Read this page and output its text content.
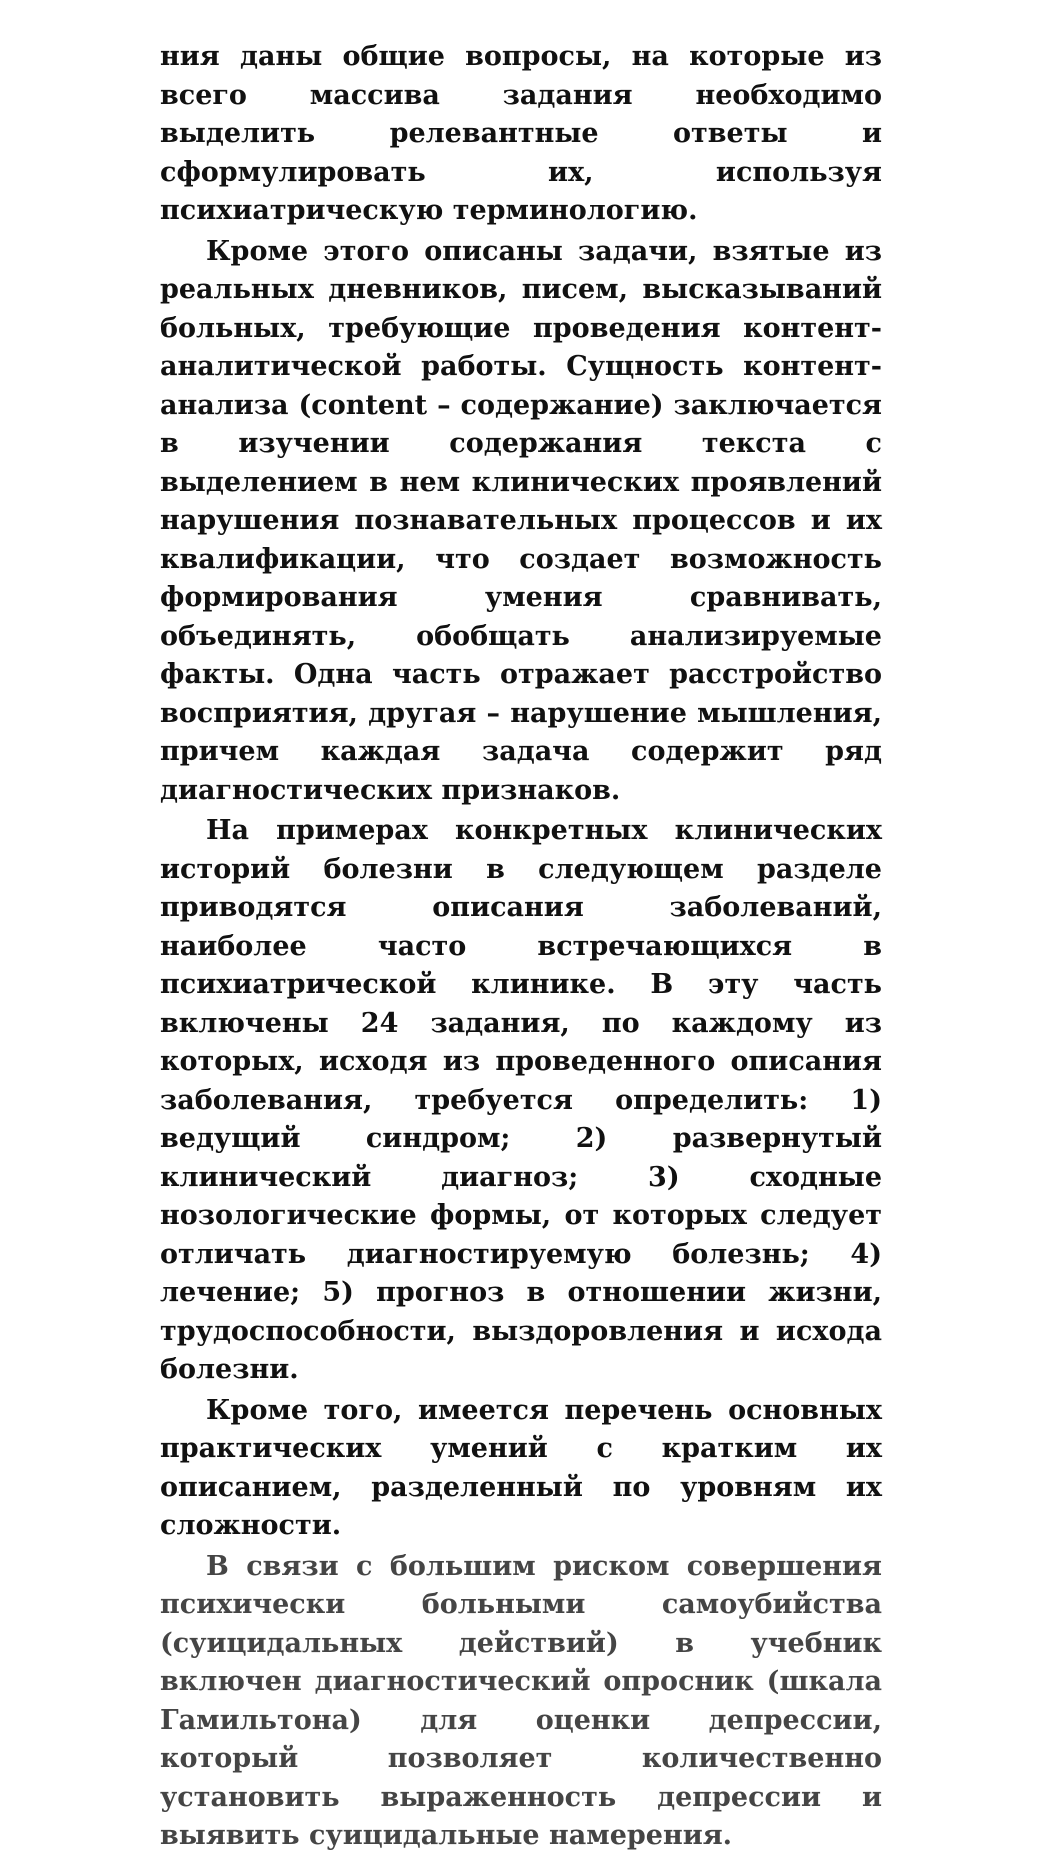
ния даны общие вопросы, на которые из всего массива задания необходимо выделить релевантные ответы и сформулировать их, используя психиатрическую терминологию.

Кроме этого описаны задачи, взятые из реальных дневников, писем, высказываний больных, требующие проведения контент-аналитической работы. Сущность контент-анализа (content – содержание) заключается в изучении содержания текста с выделением в нем клинических проявлений нарушения познавательных процессов и их квалификации, что создает возможность формирования умения сравнивать, объединять, обобщать анализируемые факты. Одна часть отражает расстройство восприятия, другая – нарушение мышления, причем каждая задача содержит ряд диагностических признаков.

На примерах конкретных клинических историй болезни в следующем разделе приводятся описания заболеваний, наиболее часто встречающихся в психиатрической клинике. В эту часть включены 24 задания, по каждому из которых, исходя из проведенного описания заболевания, требуется определить: 1) ведущий синдром; 2) развернутый клинический диагноз; 3) сходные нозологические формы, от которых следует отличать диагностируемую болезнь; 4) лечение; 5) прогноз в отношении жизни, трудоспособности, выздоровления и исхода болезни.

Кроме того, имеется перечень основных практических умений с кратким их описанием, разделенный по уровням их сложности.

В связи с большим риском совершения психически больными самоубийства (суицидальных действий) в учебник включен диагностический опросник (шкала Гамильтона) для оценки депрессии, который позволяет количественно установить выраженность депрессии и выявить суицидальные намерения.
